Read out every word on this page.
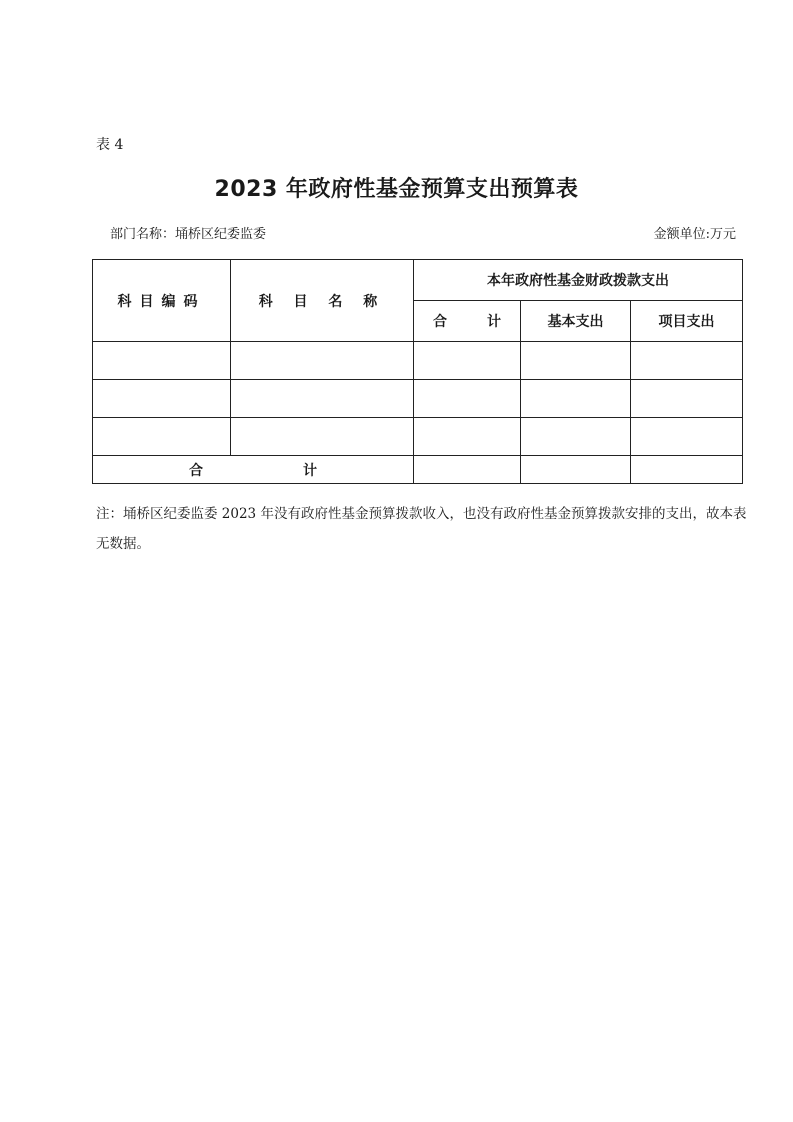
表 4
2023 年政府性基金预算支出预算表
部门名称：埇桥区纪委监委	金额单位:万元
科目编码	科 目 名 称	本年政府性基金财政拨款支出		
		合 计	基本支出	项目支出

合 计				
注：埇桥区纪委监委 2023 年没有政府性基金预算拨款收入，也没有政府性基金预算拨款安排的支出，故本表无数据。
